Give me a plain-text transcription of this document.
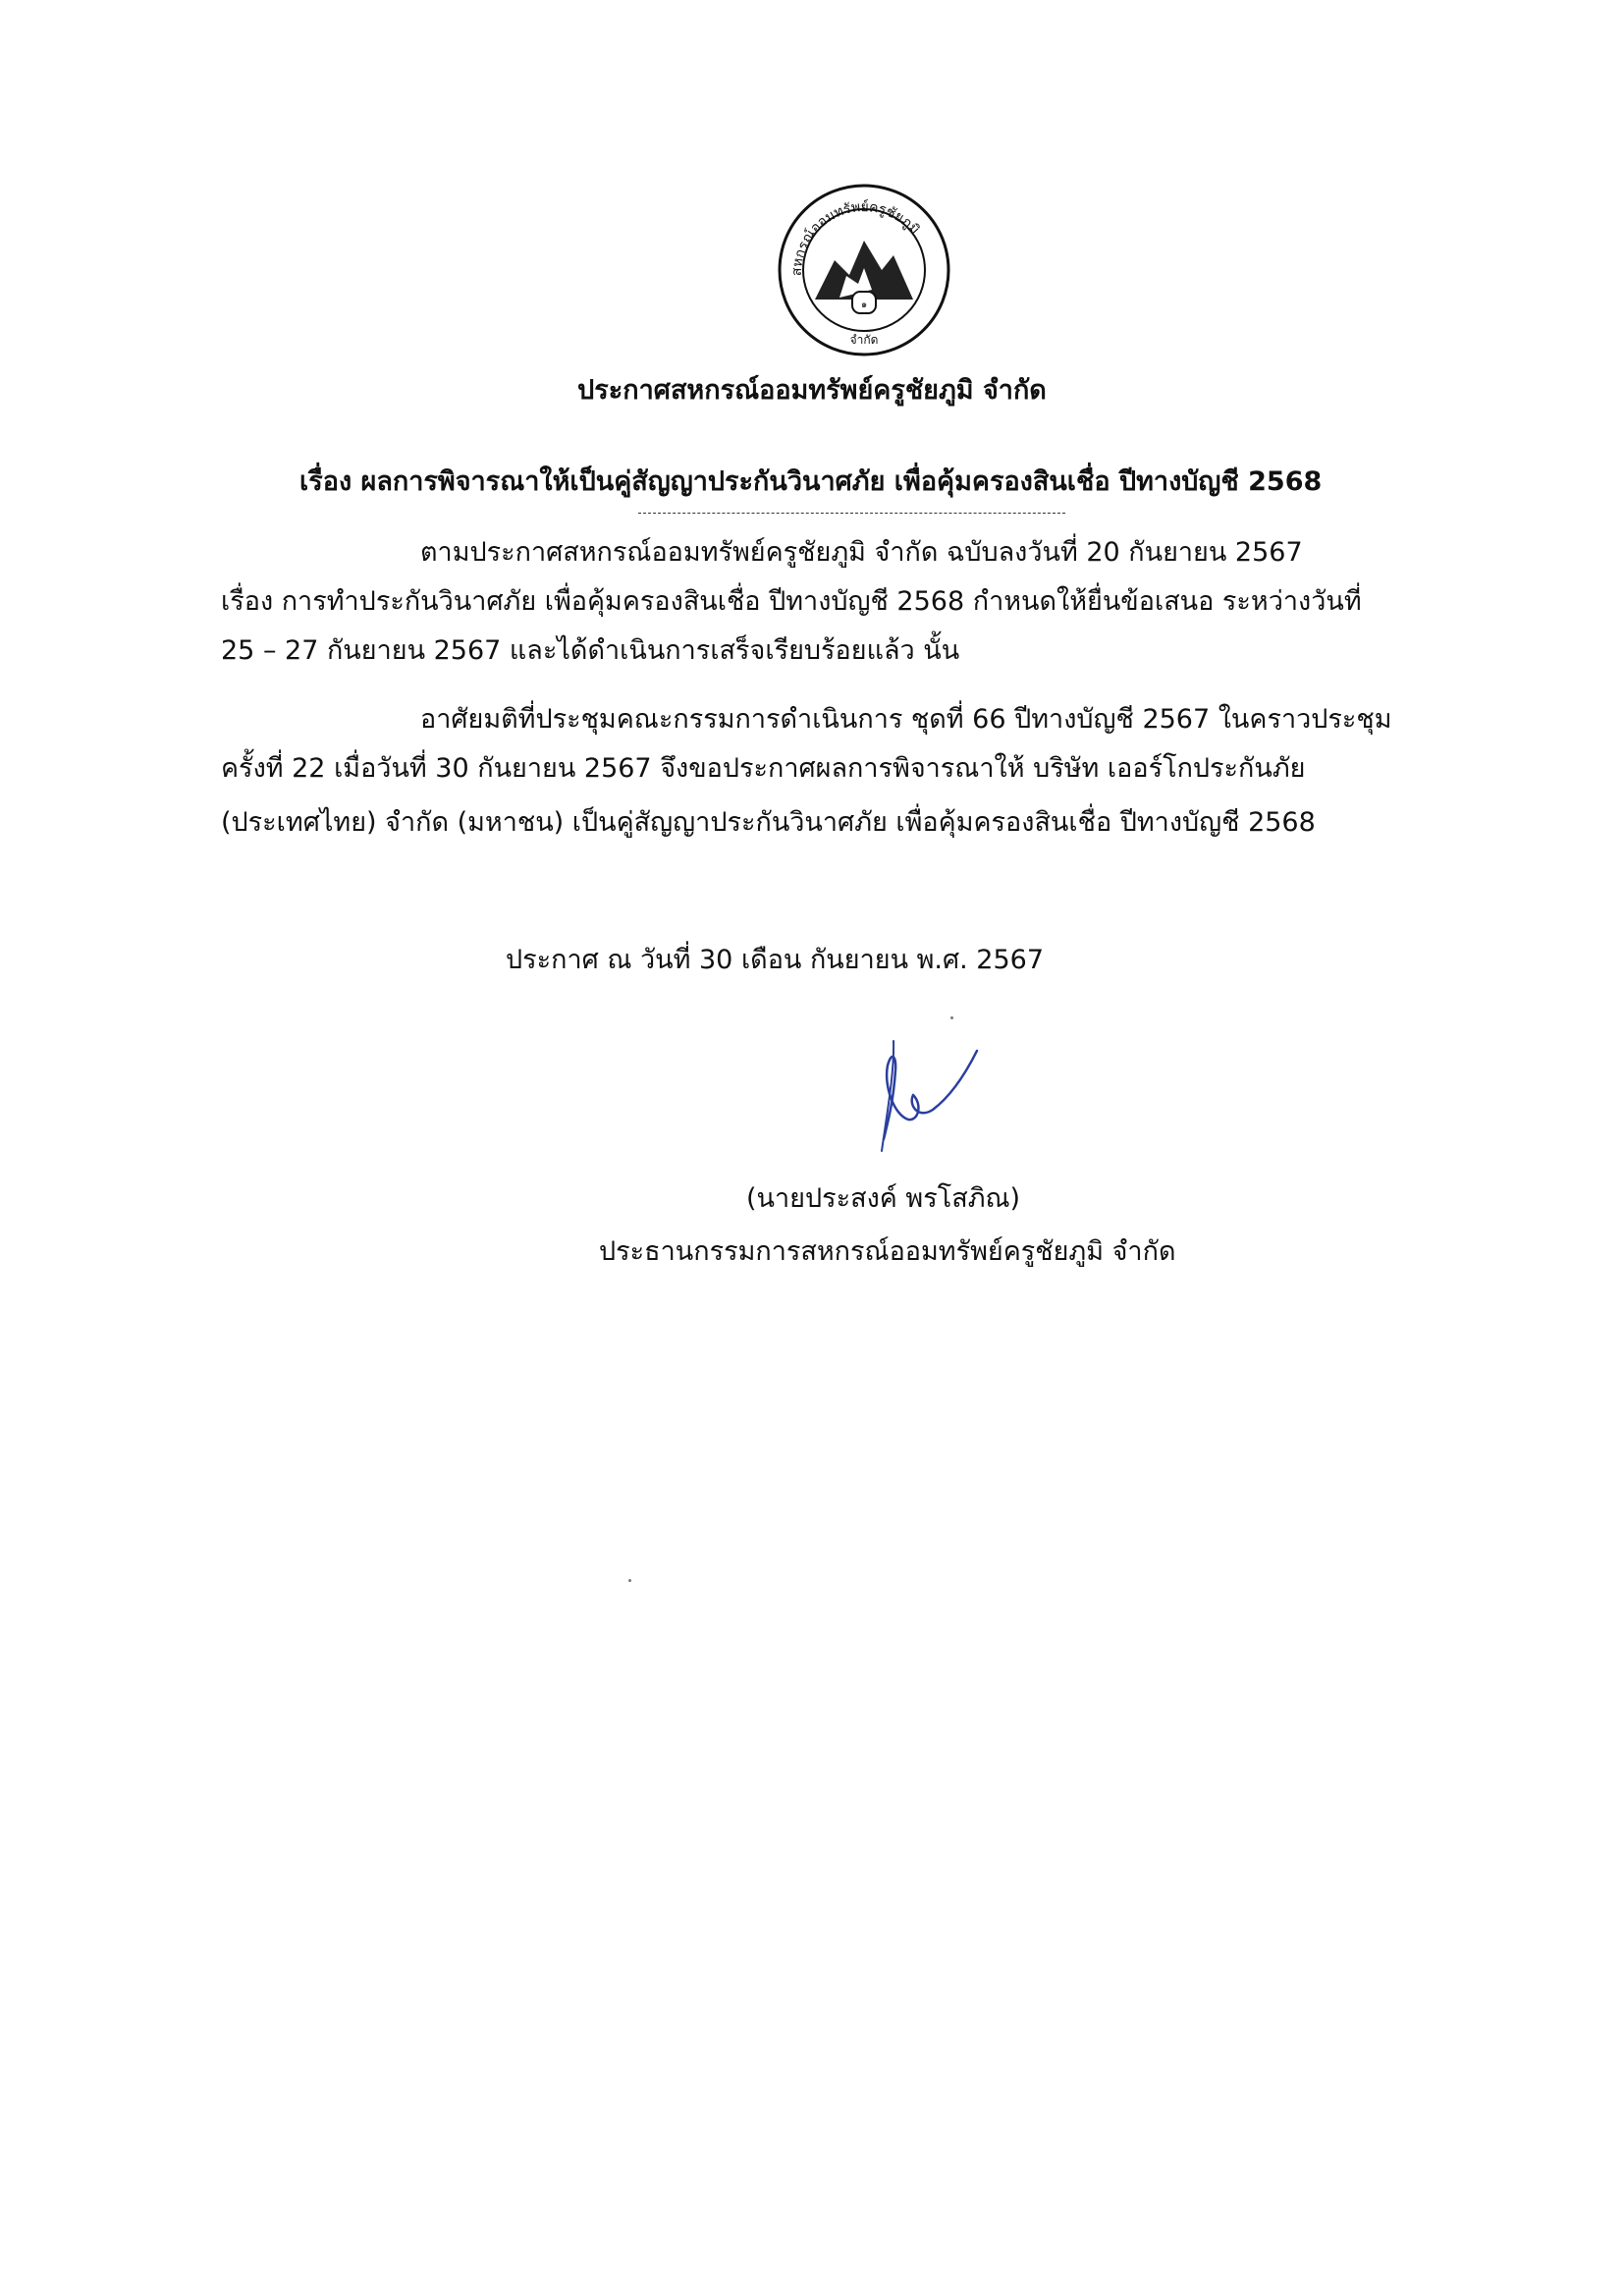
สหกรณ์ออมทรัพย์ครูชัยภูมิ
๑
จำกัด
ประกาศสหกรณ์ออมทรัพย์ครูชัยภูมิ จำกัด
เรื่อง ผลการพิจารณาให้เป็นคู่สัญญาประกันวินาศภัย เพื่อคุ้มครองสินเชื่อ ปีทางบัญชี 2568
ตามประกาศสหกรณ์ออมทรัพย์ครูชัยภูมิ จำกัด ฉบับลงวันที่ 20 กันยายน 2567
เรื่อง การทำประกันวินาศภัย เพื่อคุ้มครองสินเชื่อ ปีทางบัญชี 2568 กำหนดให้ยื่นข้อเสนอ ระหว่างวันที่
25 – 27 กันยายน 2567 และได้ดำเนินการเสร็จเรียบร้อยแล้ว นั้น
อาศัยมติที่ประชุมคณะกรรมการดำเนินการ ชุดที่ 66 ปีทางบัญชี 2567 ในคราวประชุม
ครั้งที่ 22 เมื่อวันที่ 30 กันยายน 2567 จึงขอประกาศผลการพิจารณาให้ บริษัท เออร์โกประกันภัย
(ประเทศไทย) จำกัด (มหาชน) เป็นคู่สัญญาประกันวินาศภัย เพื่อคุ้มครองสินเชื่อ ปีทางบัญชี 2568
ประกาศ ณ วันที่ 30 เดือน กันยายน พ.ศ. 2567
(นายประสงค์ พรโสภิณ)
ประธานกรรมการสหกรณ์ออมทรัพย์ครูชัยภูมิ จำกัด
